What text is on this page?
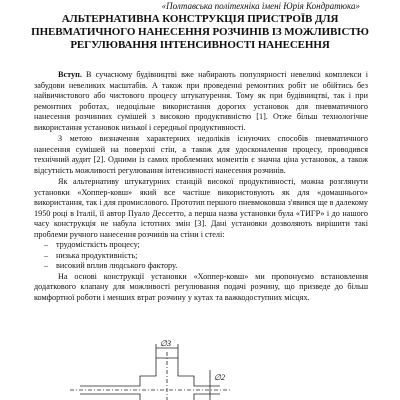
«Полтавська політехніка імені Юрія Кондратюка»
АЛЬТЕРНАТИВНА КОНСТРУКЦІЯ ПРИСТРОЇВ ДЛЯ ПНЕВМАТИЧНОГО НАНЕСЕННЯ РОЗЧИНІВ ІЗ МОЖЛИВІСТЮ РЕГУЛЮВАННЯ ІНТЕНСИВНОСТІ НАНЕСЕННЯ

Вступ. В сучасному будівництві вже набирають популярності невеликі комплекси і забудови невеликих масштабів. А також при проведенні ремонтних робіт не обійтись без найвичистового або чистового процесу штукатурення. Тому як при будівництві, так і при ремонтних роботах, недоцільне використання дорогих установок для пневматичного нанесення розчинних сумішей з високою продуктивністю [1]. Отже більш технологічне використання установок низької і середньої продуктивності.

З метою визначення характерних недоліків існуючих способів пневматичного нанесення сумішей на поверхні стін, а також для удосконалення процесу, проводився технічний аудит [2]. Одними із самих проблемних моментів є значна ціна установок, а також відсутність можливості регулювання інтенсивності нанесення розчинів.

Як альтернативу штукатурних станцій високої продуктивності, можна розглянути установки «Хоппер-ковш» який все частіше використовують як для «домашнього» використання, так і для промислового. Прототип першого пневмоковша з'явився ще в далекому 1950 році в Італії, її автор Пуало Дессетто, а перша назва установки була «ТИГР» і до нашого часу конструкція не набула істотних змін [3]. Дані установки дозволяють вирішити такі проблеми ручного нанесення розчинів на стіни і стелі:

– трудомісткість процесу;
– низька продуктивність;
– високий вплив людського фактору.

На основі конструкції установки «Хоппер-ковш» ми пропонуємо встановлення додаткового клапану для можливості регулювання подачі розчину, що призведе до більш комфортної роботи і менших втрат розчину у кутах та важкодоступних місцях.

∅3
∅2
